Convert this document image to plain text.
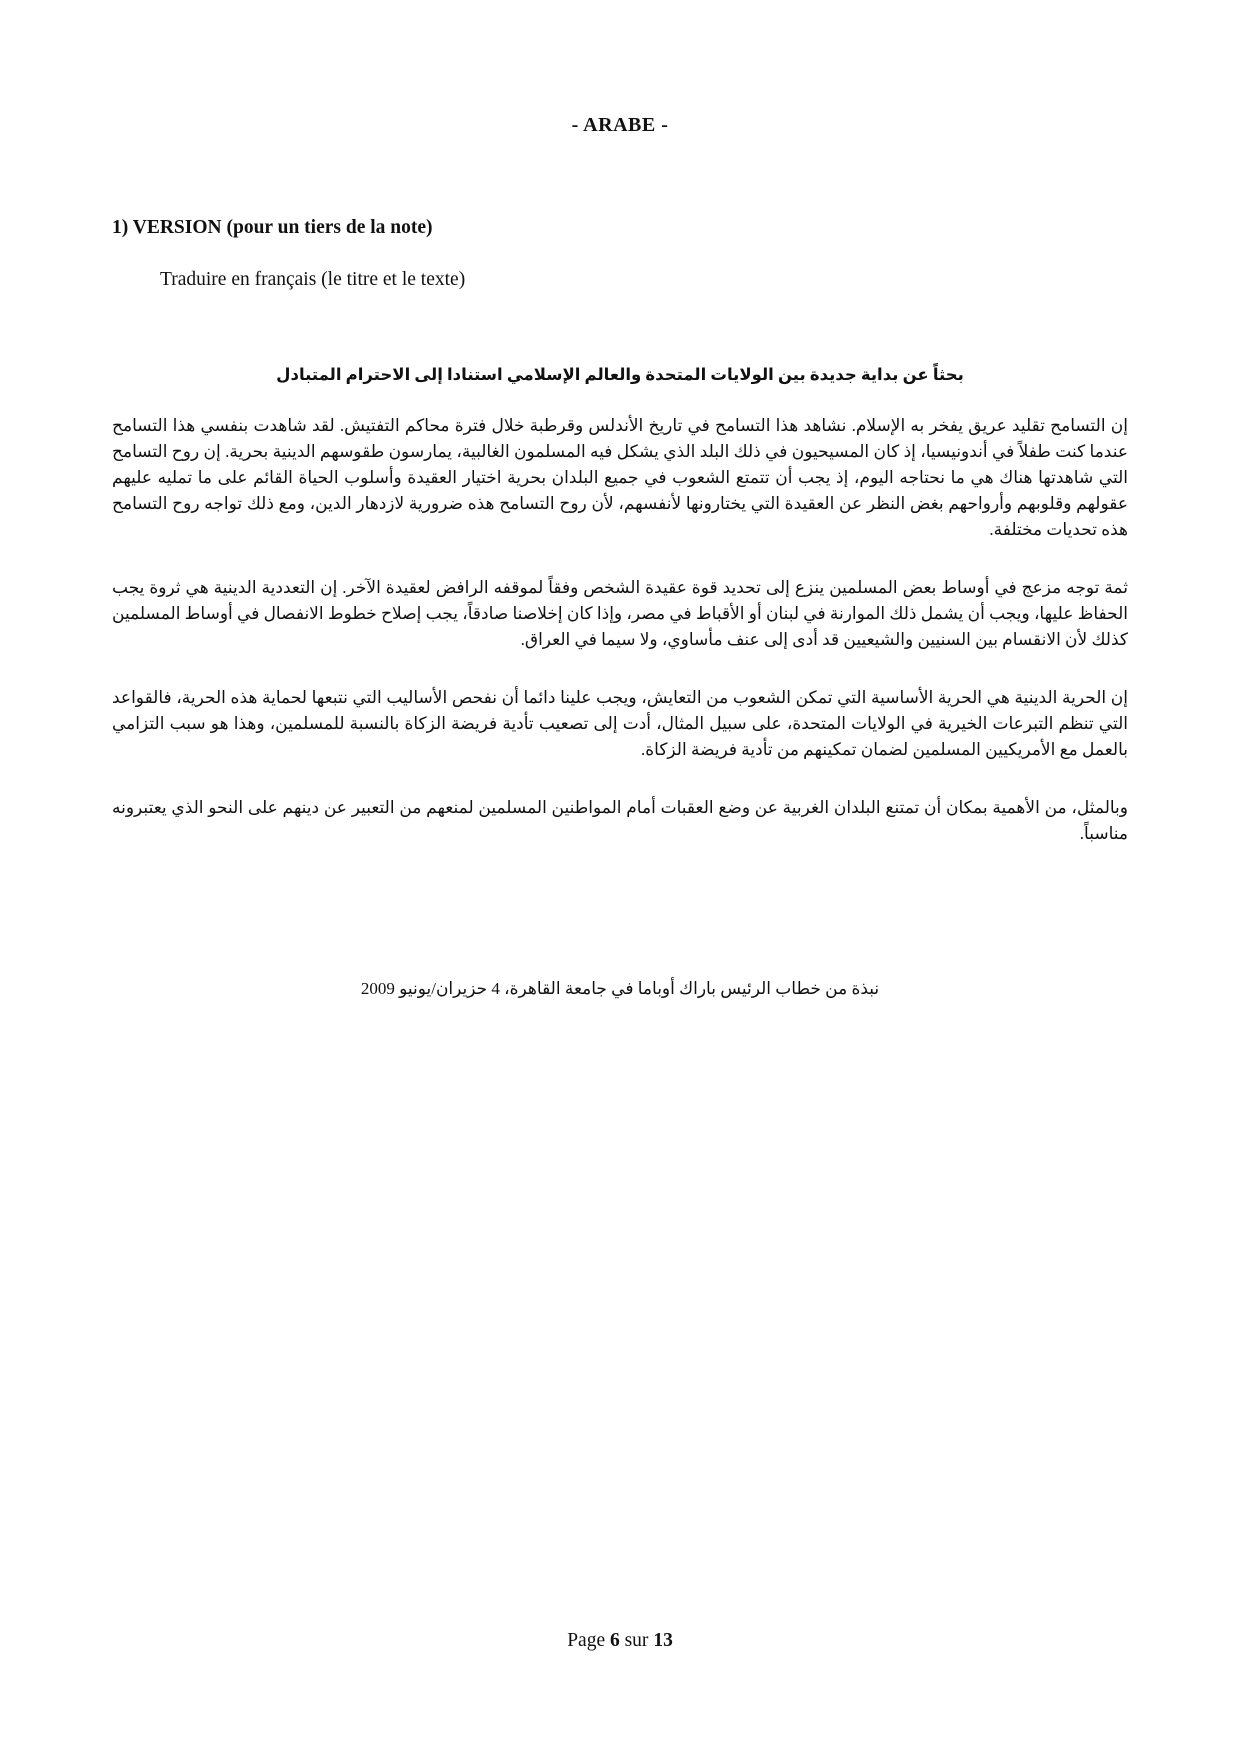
- ARABE -
1) VERSION (pour un tiers de la note)
Traduire en français (le titre et le texte)
بحثاً عن بداية جديدة بين الولايات المتحدة والعالم الإسلامي استنادا إلى الاحترام المتبادل

إن التسامح تقليد عريق يفخر به الإسلام. نشاهد هذا التسامح في تاريخ الأندلس وقرطبة خلال فترة محاكم التفتيش. لقد شاهدت بنفسي هذا التسامح عندما كنت طفلاً في أندونيسيا، إذ كان المسيحيون في ذلك البلد الذي يشكل فيه المسلمون الغالبية، يمارسون طقوسهم الدينية بحرية. إن روح التسامح التي شاهدتها هناك هي ما نحتاجه اليوم، إذ يجب أن تتمتع الشعوب في جميع البلدان بحرية اختيار العقيدة وأسلوب الحياة القائم على ما تمليه عليهم عقولهم وقلوبهم وأرواحهم بغض النظر عن العقيدة التي يختارونها لأنفسهم، لأن روح التسامح هذه ضرورية لازدهار الدين، ومع ذلك تواجه روح التسامح هذه تحديات مختلفة.

ثمة توجه مزعج في أوساط بعض المسلمين ينزع إلى تحديد قوة عقيدة الشخص وفقاً لموقفه الرافض لعقيدة الآخر. إن التعددية الدينية هي ثروة يجب الحفاظ عليها، ويجب أن يشمل ذلك الموارنة في لبنان أو الأقباط في مصر، وإذا كان إخلاصنا صادقاً، يجب إصلاح خطوط الانفصال في أوساط المسلمين كذلك لأن الانقسام بين السنيين والشيعيين قد أدى إلى عنف مأساوي، ولا سيما في العراق.

إن الحرية الدينية هي الحرية الأساسية التي تمكن الشعوب من التعايش، ويجب علينا دائما أن نفحص الأساليب التي نتبعها لحماية هذه الحرية، فالقواعد التي تنظم التبرعات الخيرية في الولايات المتحدة، على سبيل المثال، أدت إلى تصعيب تأدية فريضة الزكاة بالنسبة للمسلمين، وهذا هو سبب التزامي بالعمل مع الأمريكيين المسلمين لضمان تمكينهم من تأدية فريضة الزكاة.

وبالمثل، من الأهمية بمكان أن تمتنع البلدان الغربية عن وضع العقبات أمام المواطنين المسلمين لمنعهم من التعبير عن دينهم على النحو الذي يعتبرونه مناسباً.

نبذة من خطاب الرئيس باراك أوباما في جامعة القاهرة، 4 حزيران/يونيو 2009
Page 6 sur 13
